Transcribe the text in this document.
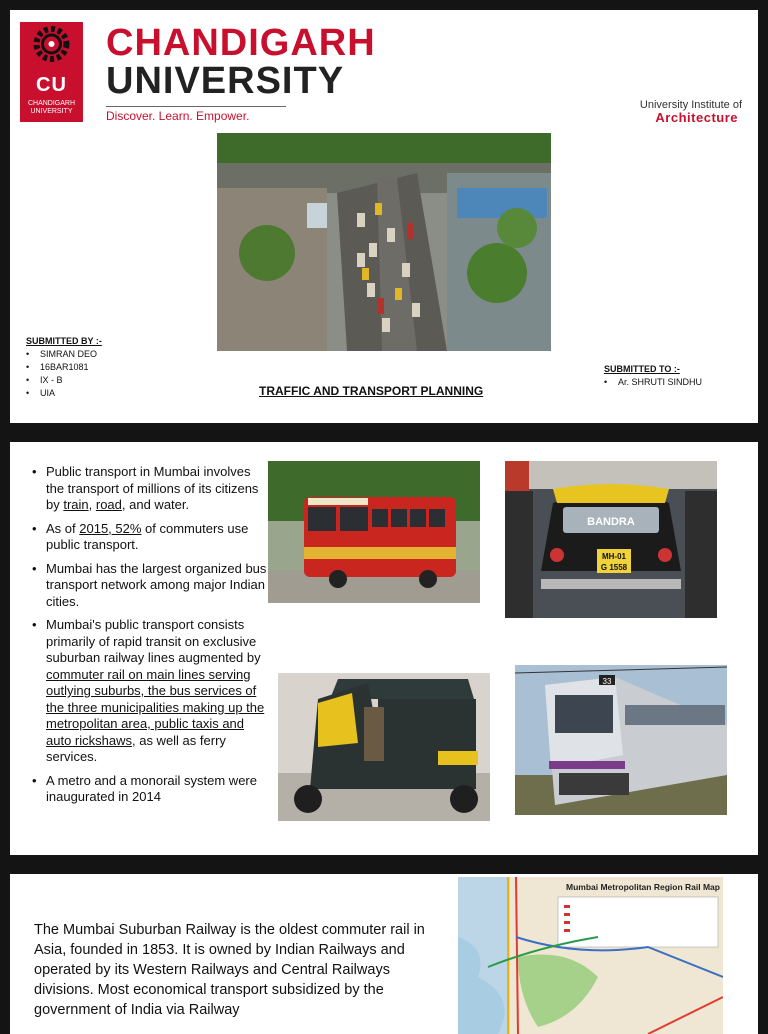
CU
CHANDIGARH
UNIVERSITY
CHANDIGARH
UNIVERSITY
Discover. Learn. Empower.
University Institute of
Architecture
SUBMITTED BY :-
• SIMRAN DEO
• 16BAR1081
• IX - B
• UIA
SUBMITTED TO :-
• Ar. SHRUTI SINDHU
TRAFFIC AND TRANSPORT PLANNING
• Public transport in Mumbai involves the transport of millions of its citizens by train, road, and water.
• As of 2015, 52% of commuters use public transport.
• Mumbai has the largest organized bus transport network among major Indian cities.
• Mumbai's public transport consists primarily of rapid transit on exclusive suburban railway lines augmented by commuter rail on main lines serving outlying suburbs, the bus services of the three municipalities making up the metropolitan area, public taxis and auto rickshaws, as well as ferry services.
• A metro and a monorail system were inaugurated in 2014
BANDRA
MH-01
G 1558
33
The Mumbai Suburban Railway is the oldest commuter rail in Asia, founded in 1853. It is owned by Indian Railways and operated by its Western Railways and Central Railways divisions. Most economical transport subsidized by the government of India via Railway
Mumbai Metropolitan Region Rail Map
